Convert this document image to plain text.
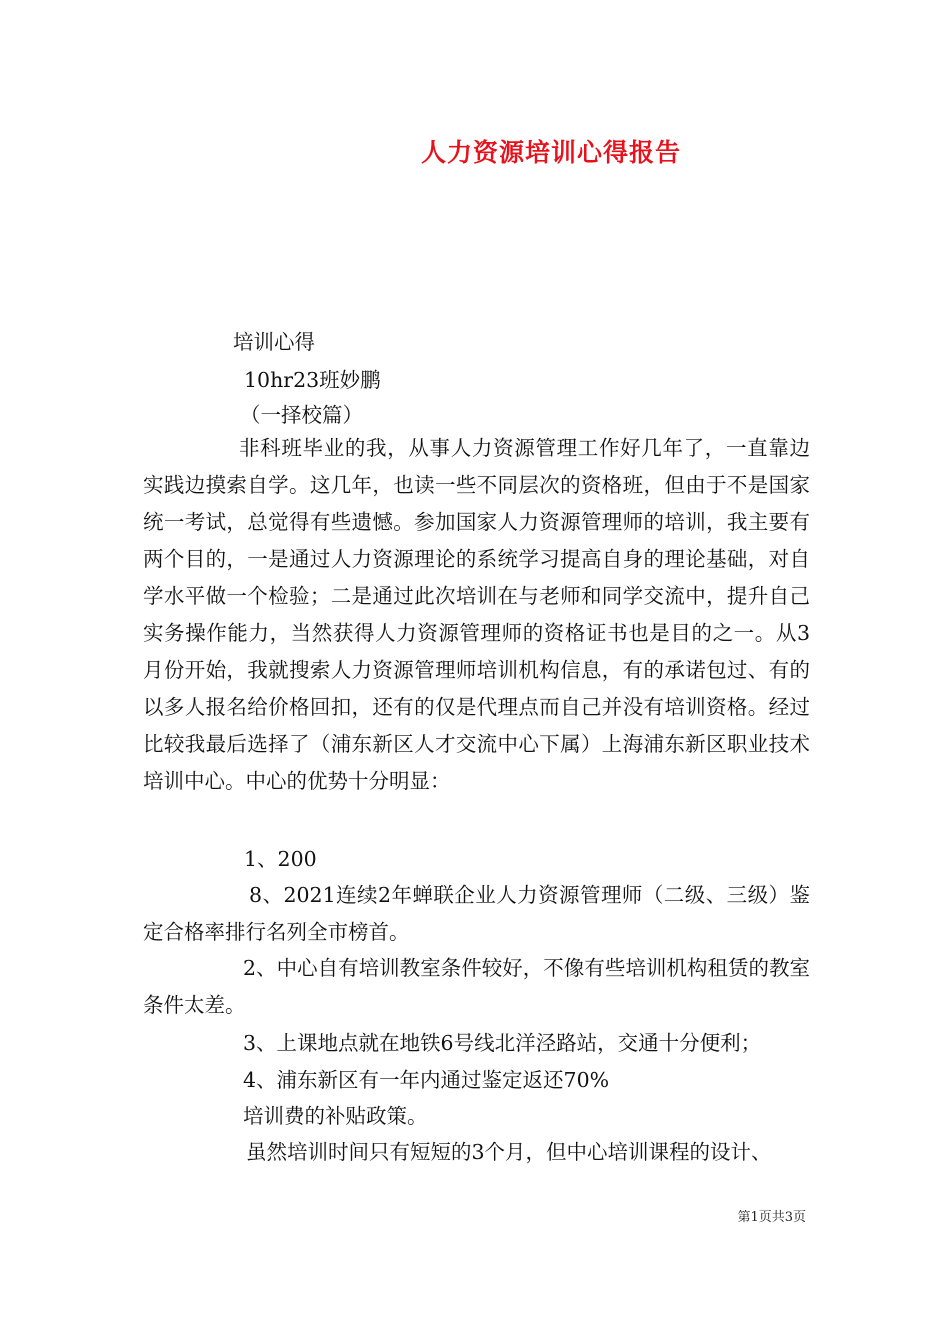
人力资源培训心得报告
培训心得
10hr23班妙鹏
（一择校篇）
非科班毕业的我，从事人力资源管理工作好几年了，一直靠边实践边摸索自学。这几年，也读一些不同层次的资格班，但由于不是国家统一考试，总觉得有些遗憾。参加国家人力资源管理师的培训，我主要有两个目的，一是通过人力资源理论的系统学习提高自身的理论基础，对自学水平做一个检验；二是通过此次培训在与老师和同学交流中，提升自己实务操作能力，当然获得人力资源管理师的资格证书也是目的之一。从3月份开始，我就搜索人力资源管理师培训机构信息，有的承诺包过、有的以多人报名给价格回扣，还有的仅是代理点而自己并没有培训资格。经过比较我最后选择了（浦东新区人才交流中心下属）上海浦东新区职业技术培训中心。中心的优势十分明显：
1、200
8、2021连续2年蝉联企业人力资源管理师（二级、三级）鉴定合格率排行名列全市榜首。
2、中心自有培训教室条件较好，不像有些培训机构租赁的教室条件太差。
3、上课地点就在地铁6号线北洋泾路站，交通十分便利；
4、浦东新区有一年内通过鉴定返还70%
培训费的补贴政策。
虽然培训时间只有短短的3个月，但中心培训课程的设计、
第1页共3页
